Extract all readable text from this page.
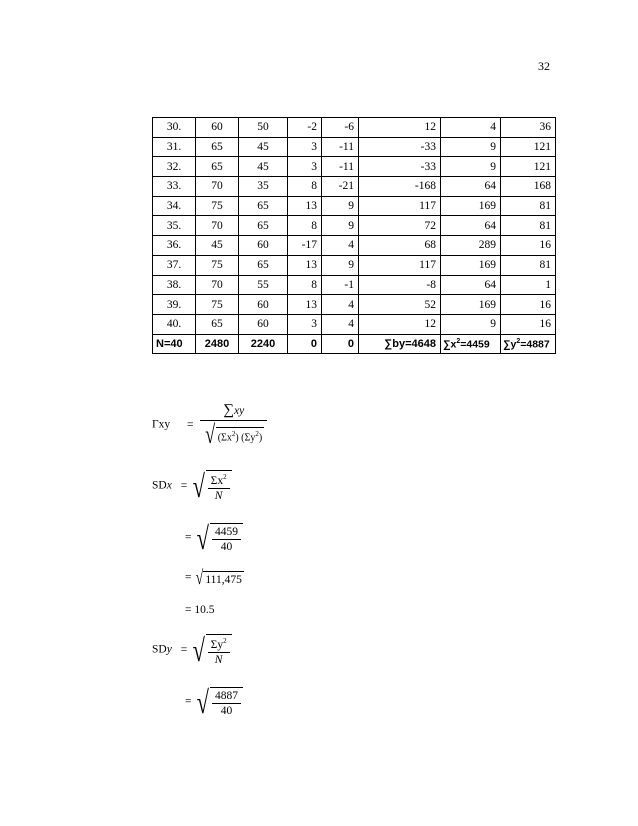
32
30.	60	50	-2	-6	12	4	36
31.	65	45	3	-11	-33	9	121
32.	65	45	3	-11	-33	9	121
33.	70	35	8	-21	-168	64	168
34.	75	65	13	9	117	169	81
35.	70	65	8	9	72	64	81
36.	45	60	-17	4	68	289	16
37.	75	65	13	9	117	169	81
38.	70	55	8	-1	-8	64	1
39.	75	60	13	4	52	169	16
40.	65	60	3	4	12	9	16
N=40	2480	2240	0	0	∑by=4648	$\sum x^2=4459$	$\sum y^2=4887$
$\Gamma xy = \frac{\sum xy}{√ (\Sigma x^2) (\Sigma y^2)}$
SDx = √ $\frac{\Sigma x^2}{N}$
= √ $\frac{4459}{40}$
= √ 111,475
= 10.5
SDy = √ $\frac{\Sigma y^2}{N}$
= √ $\frac{4887}{40}$
